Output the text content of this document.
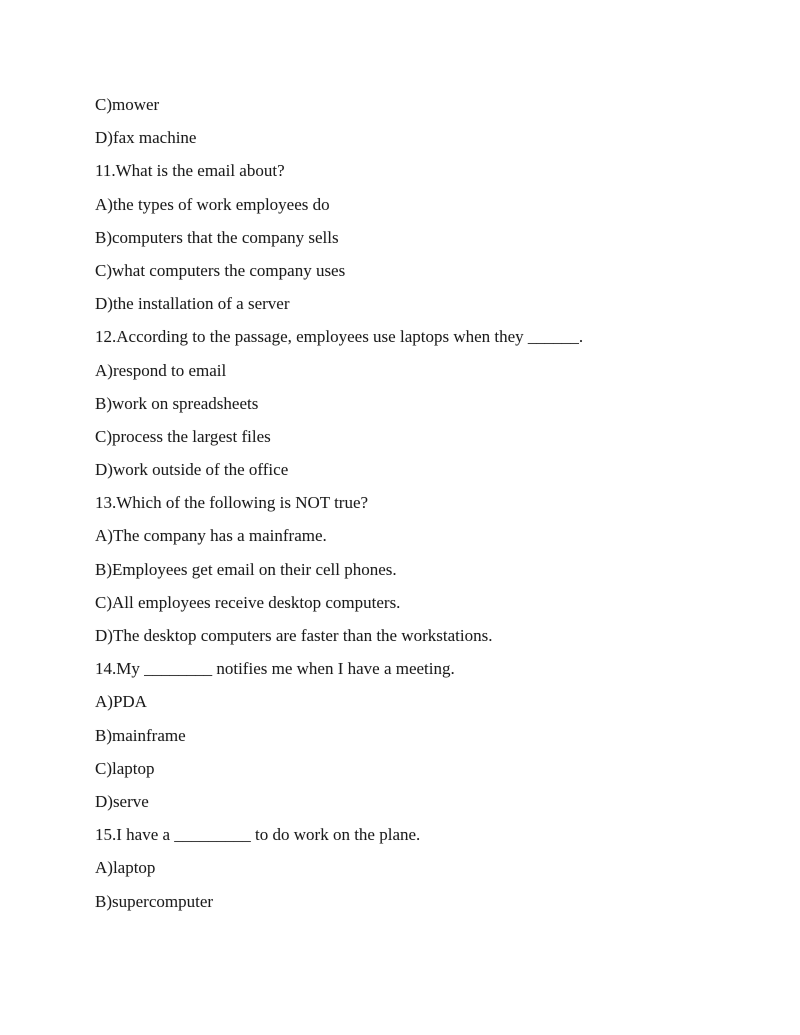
C)mower
D)fax machine
11.What is the email about?
A)the types of work employees do
B)computers that the company sells
C)what computers the company uses
D)the installation of a server
12.According to the passage, employees use laptops when they ______.
A)respond to email
B)work on spreadsheets
C)process the largest files
D)work outside of the office
13.Which of the following is NOT true?
A)The company has a mainframe.
B)Employees get email on their cell phones.
C)All employees receive desktop computers.
D)The desktop computers are faster than the workstations.
14.My ________ notifies me when I have a meeting.
A)PDA
B)mainframe
C)laptop
D)serve
15.I have a _________ to do work on the plane.
A)laptop
B)supercomputer
